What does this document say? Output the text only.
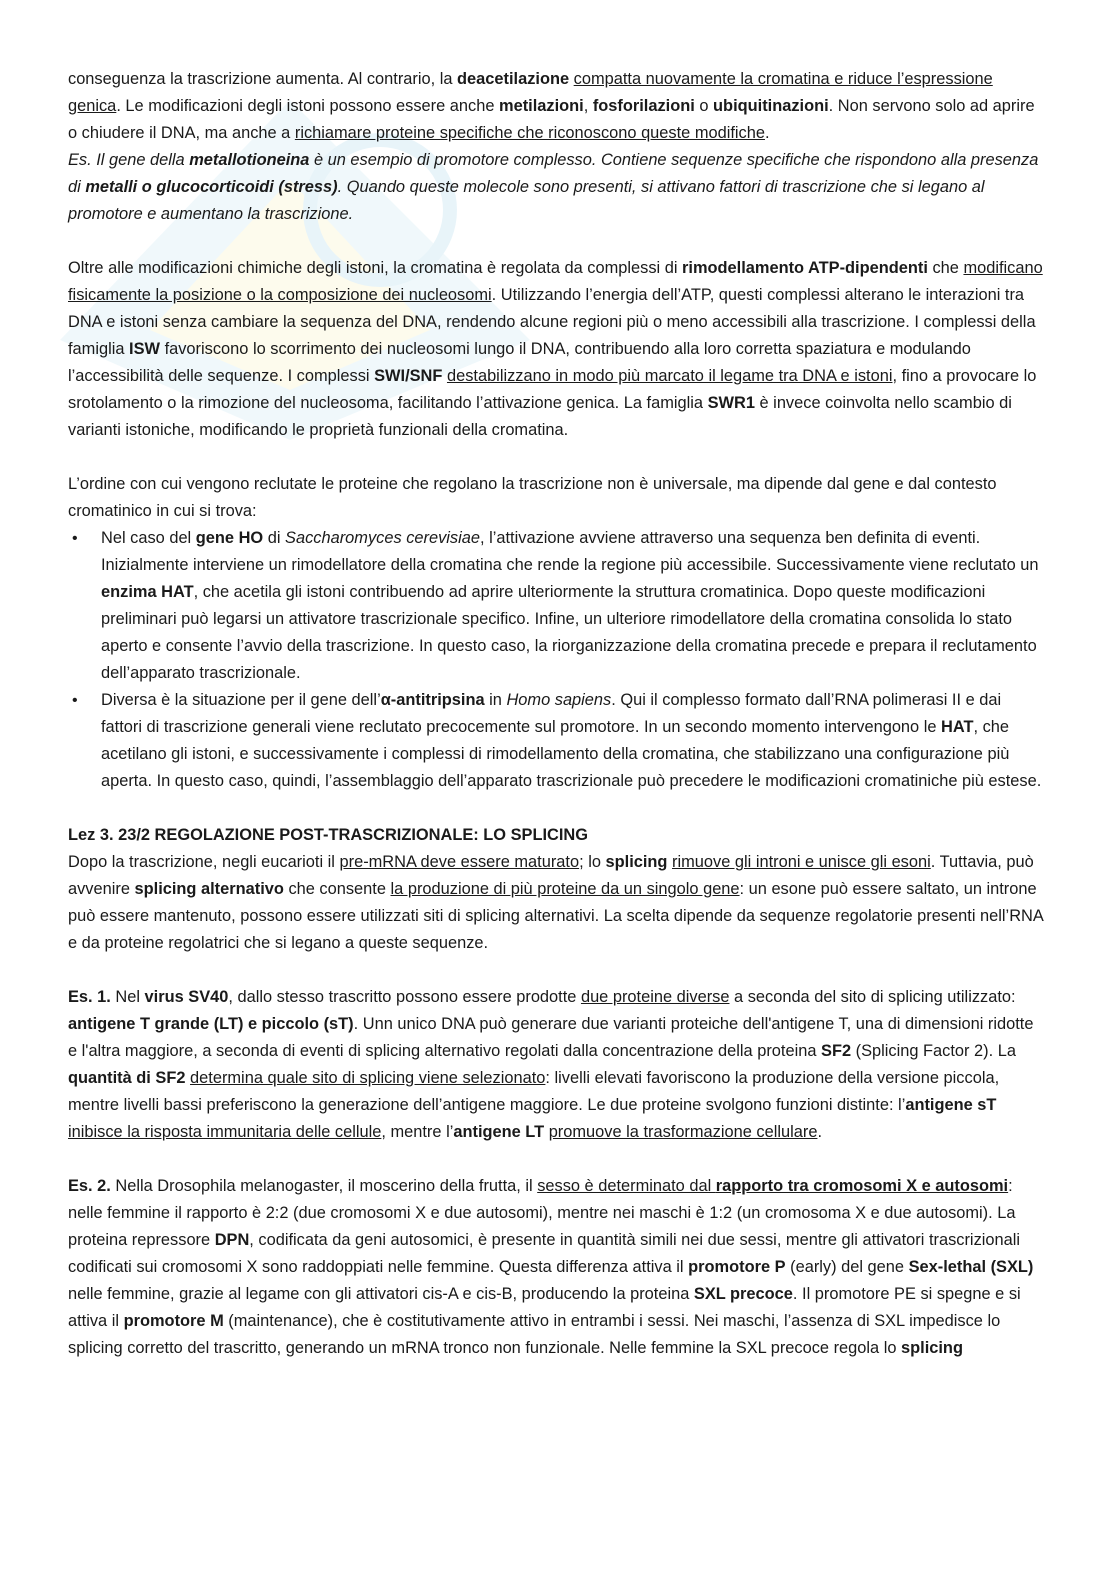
conseguenza la trascrizione aumenta. Al contrario, la deacetilazione compatta nuovamente la cromatina e riduce l’espressione genica. Le modificazioni degli istoni possono essere anche metilazioni, fosforilazioni o ubiquitinazioni. Non servono solo ad aprire o chiudere il DNA, ma anche a richiamare proteine specifiche che riconoscono queste modifiche.

Es. Il gene della metallotioneina è un esempio di promotore complesso. Contiene sequenze specifiche che rispondono alla presenza di metalli o glucocorticoidi (stress). Quando queste molecole sono presenti, si attivano fattori di trascrizione che si legano al promotore e aumentano la trascrizione.

Oltre alle modificazioni chimiche degli istoni, la cromatina è regolata da complessi di rimodellamento ATP-dipendenti che modificano fisicamente la posizione o la composizione dei nucleosomi. Utilizzando l’energia dell’ATP, questi complessi alterano le interazioni tra DNA e istoni senza cambiare la sequenza del DNA, rendendo alcune regioni più o meno accessibili alla trascrizione. I complessi della famiglia ISW favoriscono lo scorrimento dei nucleosomi lungo il DNA, contribuendo alla loro corretta spaziatura e modulando l’accessibilità delle sequenze. I complessi SWI/SNF destabilizzano in modo più marcato il legame tra DNA e istoni, fino a provocare lo srotolamento o la rimozione del nucleosoma, facilitando l’attivazione genica. La famiglia SWR1 è invece coinvolta nello scambio di varianti istoniche, modificando le proprietà funzionali della cromatina.

L’ordine con cui vengono reclutate le proteine che regolano la trascrizione non è universale, ma dipende dal gene e dal contesto cromatinico in cui si trova:

• Nel caso del gene HO di Saccharomyces cerevisiae, l’attivazione avviene attraverso una sequenza ben definita di eventi. Inizialmente interviene un rimodellatore della cromatina che rende la regione più accessibile. Successivamente viene reclutato un enzima HAT, che acetila gli istoni contribuendo ad aprire ulteriormente la struttura cromatinica. Dopo queste modificazioni preliminari può legarsi un attivatore trascrizionale specifico. Infine, un ulteriore rimodellatore della cromatina consolida lo stato aperto e consente l’avvio della trascrizione. In questo caso, la riorganizzazione della cromatina precede e prepara il reclutamento dell’apparato trascrizionale.
• Diversa è la situazione per il gene dell’α-antitripsina in Homo sapiens. Qui il complesso formato dall’RNA polimerasi II e dai fattori di trascrizione generali viene reclutato precocemente sul promotore. In un secondo momento intervengono le HAT, che acetilano gli istoni, e successivamente i complessi di rimodellamento della cromatina, che stabilizzano una configurazione più aperta. In questo caso, quindi, l’assemblaggio dell’apparato trascrizionale può precedere le modificazioni cromatiniche più estese.

Lez 3. 23/2 REGOLAZIONE POST-TRASCRIZIONALE: LO SPLICING

Dopo la trascrizione, negli eucarioti il pre-mRNA deve essere maturato; lo splicing rimuove gli introni e unisce gli esoni. Tuttavia, può avvenire splicing alternativo che consente la produzione di più proteine da un singolo gene: un esone può essere saltato, un introne può essere mantenuto, possono essere utilizzati siti di splicing alternativi. La scelta dipende da sequenze regolatorie presenti nell’RNA e da proteine regolatrici che si legano a queste sequenze.

Es. 1. Nel virus SV40, dallo stesso trascritto possono essere prodotte due proteine diverse a seconda del sito di splicing utilizzato: antigene T grande (LT) e piccolo (sT). Unn unico DNA può generare due varianti proteiche dell'antigene T, una di dimensioni ridotte e l'altra maggiore, a seconda di eventi di splicing alternativo regolati dalla concentrazione della proteina SF2 (Splicing Factor 2). La quantità di SF2 determina quale sito di splicing viene selezionato: livelli elevati favoriscono la produzione della versione piccola, mentre livelli bassi preferiscono la generazione dell’antigene maggiore. Le due proteine svolgono funzioni distinte: l’antigene sT inibisce la risposta immunitaria delle cellule, mentre l’antigene LT promuove la trasformazione cellulare.

Es. 2. Nella Drosophila melanogaster, il moscerino della frutta, il sesso è determinato dal rapporto tra cromosomi X e autosomi: nelle femmine il rapporto è 2:2 (due cromosomi X e due autosomi), mentre nei maschi è 1:2 (un cromosoma X e due autosomi). La proteina repressore DPN, codificata da geni autosomici, è presente in quantità simili nei due sessi, mentre gli attivatori trascrizionali codificati sui cromosomi X sono raddoppiati nelle femmine. Questa differenza attiva il promotore P (early) del gene Sex-lethal (SXL) nelle femmine, grazie al legame con gli attivatori cis-A e cis-B, producendo la proteina SXL precoce. Il promotore PE si spegne e si attiva il promotore M (maintenance), che è costitutivamente attivo in entrambi i sessi. Nei maschi, l’assenza di SXL impedisce lo splicing corretto del trascritto, generando un mRNA tronco non funzionale. Nelle femmine la SXL precoce regola lo splicing
